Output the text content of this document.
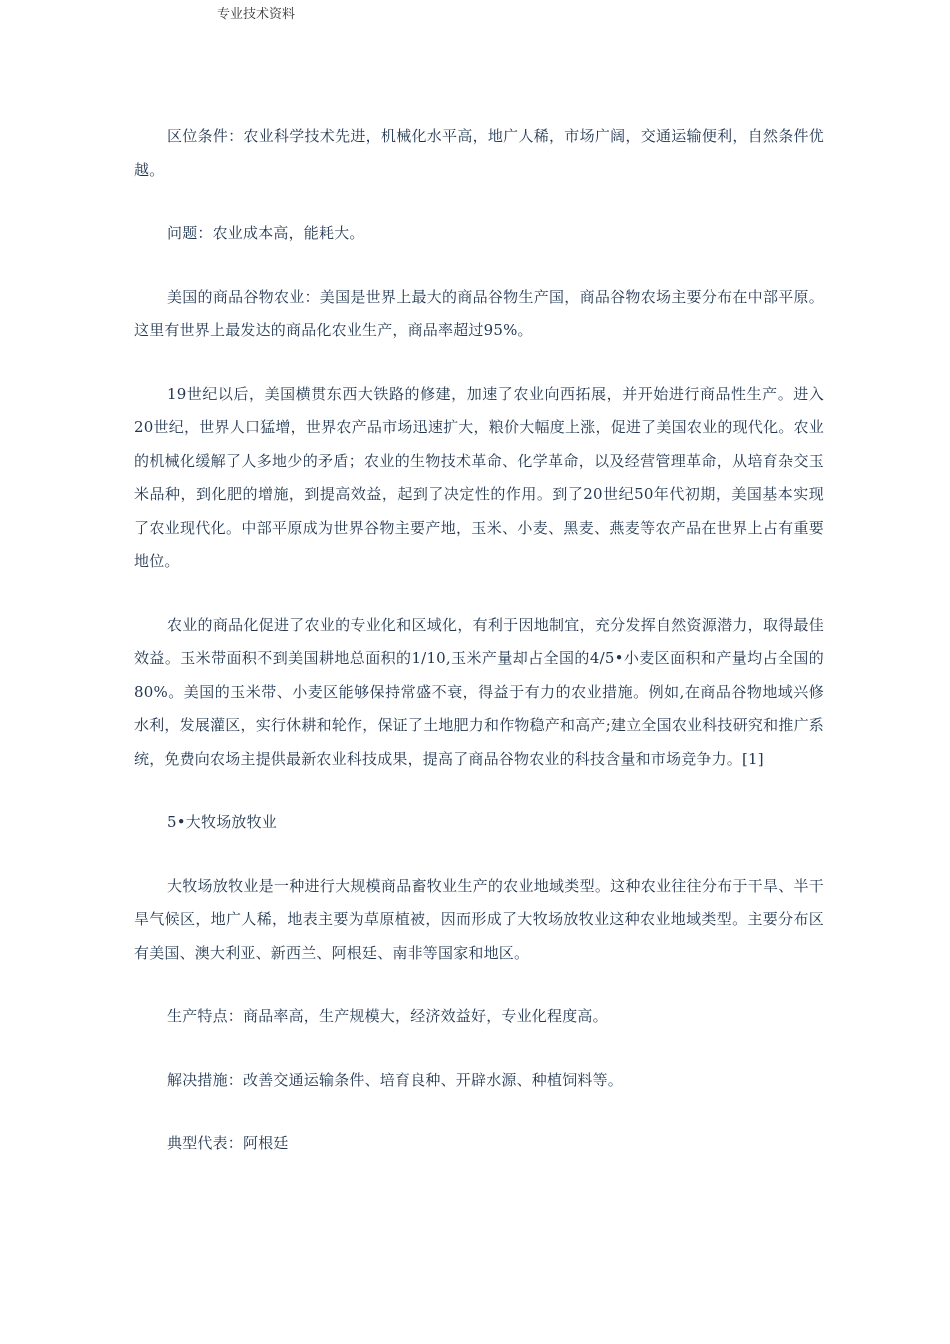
专业技术资料

区位条件：农业科学技术先进，机械化水平高，地广人稀，市场广阔，交通运输便利，自然条件优越。

问题：农业成本高，能耗大。

美国的商品谷物农业：美国是世界上最大的商品谷物生产国，商品谷物农场主要分布在中部平原。这里有世界上最发达的商品化农业生产，商品率超过95%。

19世纪以后，美国横贯东西大铁路的修建，加速了农业向西拓展，并开始进行商品性生产。进入20世纪，世界人口猛增，世界农产品市场迅速扩大，粮价大幅度上涨，促进了美国农业的现代化。农业的机械化缓解了人多地少的矛盾；农业的生物技术革命、化学革命，以及经营管理革命，从培育杂交玉米品种，到化肥的增施，到提高效益，起到了决定性的作用。到了20世纪50年代初期，美国基本实现了农业现代化。中部平原成为世界谷物主要产地，玉米、小麦、黑麦、燕麦等农产品在世界上占有重要地位。

农业的商品化促进了农业的专业化和区域化，有利于因地制宜，充分发挥自然资源潜力，取得最佳效益。玉米带面积不到美国耕地总面积的1/10,玉米产量却占全国的4/5•小麦区面积和产量均占全国的80%。美国的玉米带、小麦区能够保持常盛不衰，得益于有力的农业措施。例如,在商品谷物地域兴修水利，发展灌区，实行休耕和轮作，保证了土地肥力和作物稳产和高产;建立全国农业科技研究和推广系统，免费向农场主提供最新农业科技成果，提高了商品谷物农业的科技含量和市场竞争力。[1]

5•大牧场放牧业

大牧场放牧业是一种进行大规模商品畜牧业生产的农业地域类型。这种农业往往分布于干旱、半干旱气候区，地广人稀，地表主要为草原植被，因而形成了大牧场放牧业这种农业地域类型。主要分布区有美国、澳大利亚、新西兰、阿根廷、南非等国家和地区。

生产特点：商品率高，生产规模大，经济效益好，专业化程度高。

解决措施：改善交通运输条件、培育良种、开辟水源、种植饲料等。

典型代表：阿根廷
